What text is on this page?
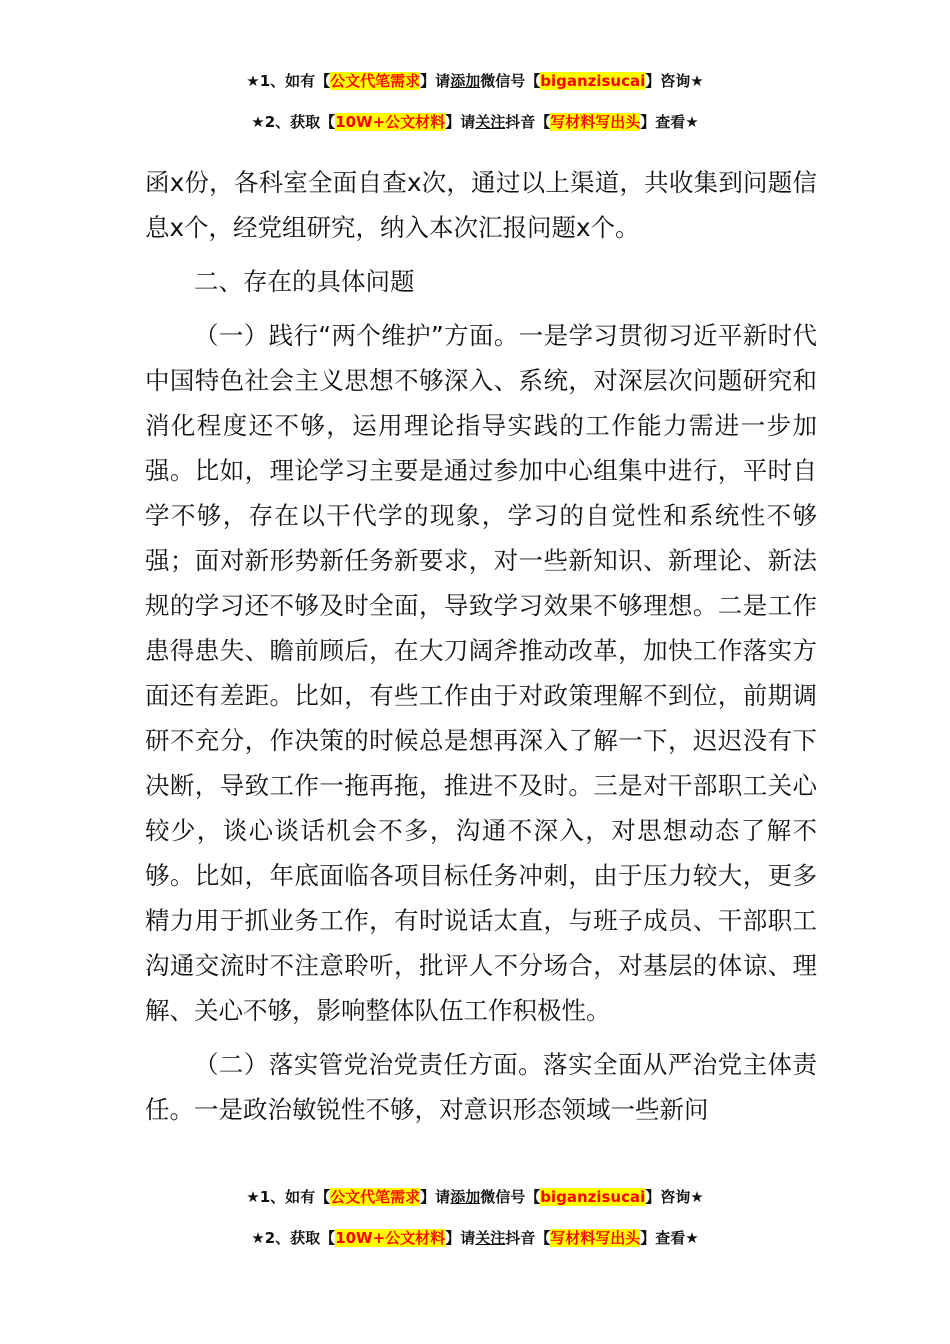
★1、如有【公文代笔需求】请添加微信号【biganzisucai】咨询★
★2、获取【10W+公文材料】请关注抖音【写材料写出头】查看★

函x份，各科室全面自查x次，通过以上渠道，共收集到问题信息x个，经党组研究，纳入本次汇报问题x个。

二、存在的具体问题

（一）践行“两个维护”方面。一是学习贯彻习近平新时代中国特色社会主义思想不够深入、系统，对深层次问题研究和消化程度还不够，运用理论指导实践的工作能力需进一步加强。比如，理论学习主要是通过参加中心组集中进行，平时自学不够，存在以干代学的现象，学习的自觉性和系统性不够强；面对新形势新任务新要求，对一些新知识、新理论、新法规的学习还不够及时全面，导致学习效果不够理想。二是工作患得患失、瞻前顾后，在大刀阔斧推动改革，加快工作落实方面还有差距。比如，有些工作由于对政策理解不到位，前期调研不充分，作决策的时候总是想再深入了解一下，迟迟没有下决断，导致工作一拖再拖，推进不及时。三是对干部职工关心较少，谈心谈话机会不多，沟通不深入，对思想动态了解不够。比如，年底面临各项目标任务冲刺，由于压力较大，更多精力用于抓业务工作，有时说话太直，与班子成员、干部职工沟通交流时不注意聆听，批评人不分场合，对基层的体谅、理解、关心不够，影响整体队伍工作积极性。

（二）落实管党治党责任方面。落实全面从严治党主体责任。一是政治敏锐性不够，对意识形态领域一些新问

★1、如有【公文代笔需求】请添加微信号【biganzisucai】咨询★
★2、获取【10W+公文材料】请关注抖音【写材料写出头】查看★
